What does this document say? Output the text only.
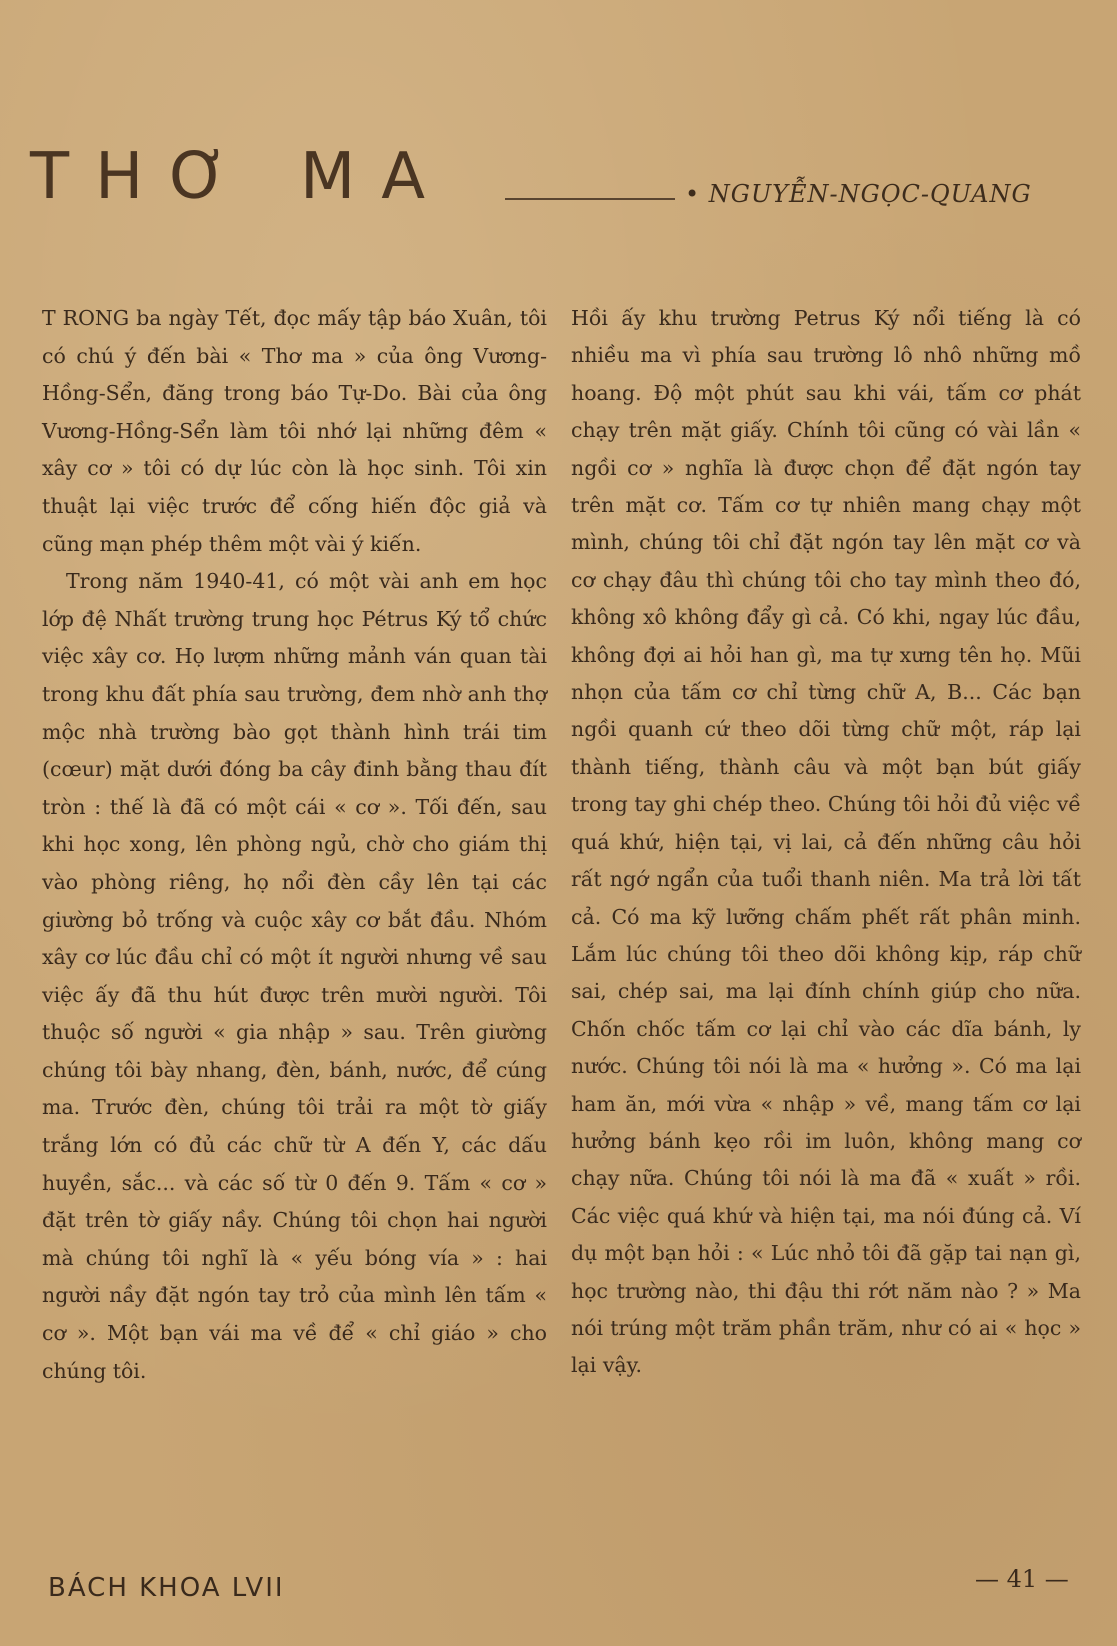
THƠ MA	• NGUYỄN-NGỌC-QUANG

T RONG ba ngày Tết, đọc mấy tập báo Xuân, tôi có chú ý đến bài « Thơ ma » của ông Vương-Hồng-Sển, đăng trong báo Tự-Do. Bài của ông Vương-Hồng-Sển làm tôi nhớ lại những đêm « xây cơ » tôi có dự lúc còn là học sinh. Tôi xin thuật lại việc trước để cống hiến độc giả và cũng mạn phép thêm một vài ý kiến.

Trong năm 1940-41, có một vài anh em học lớp đệ Nhất trường trung học Pétrus Ký tổ chức việc xây cơ. Họ lượm những mảnh ván quan tài trong khu đất phía sau trường, đem nhờ anh thợ mộc nhà trường bào gọt thành hình trái tim (cœur) mặt dưới đóng ba cây đinh bằng thau đít tròn : thế là đã có một cái « cơ ». Tối đến, sau khi học xong, lên phòng ngủ, chờ cho giám thị vào phòng riêng, họ nổi đèn cầy lên tại các giường bỏ trống và cuộc xây cơ bắt đầu. Nhóm xây cơ lúc đầu chỉ có một ít người nhưng về sau việc ấy đã thu hút được trên mười người. Tôi thuộc số người « gia nhập » sau. Trên giường chúng tôi bày nhang, đèn, bánh, nước, để cúng ma. Trước đèn, chúng tôi trải ra một tờ giấy trắng lớn có đủ các chữ từ A đến Y, các dấu huyền, sắc... và các số từ 0 đến 9. Tấm « cơ » đặt trên tờ giấy nầy. Chúng tôi chọn hai người mà chúng tôi nghĩ là « yếu bóng vía » : hai người nầy đặt ngón tay trỏ của mình lên tấm « cơ ». Một bạn vái ma về để « chỉ giáo » cho chúng tôi.

Hồi ấy khu trường Petrus Ký nổi tiếng là có nhiều ma vì phía sau trường lô nhô những mồ hoang. Độ một phút sau khi vái, tấm cơ phát chạy trên mặt giấy. Chính tôi cũng có vài lần « ngồi cơ » nghĩa là được chọn để đặt ngón tay trên mặt cơ. Tấm cơ tự nhiên mang chạy một mình, chúng tôi chỉ đặt ngón tay lên mặt cơ và cơ chạy đâu thì chúng tôi cho tay mình theo đó, không xô không đẩy gì cả. Có khi, ngay lúc đầu, không đợi ai hỏi han gì, ma tự xưng tên họ. Mũi nhọn của tấm cơ chỉ từng chữ A, B... Các bạn ngồi quanh cứ theo dõi từng chữ một, ráp lại thành tiếng, thành câu và một bạn bút giấy trong tay ghi chép theo. Chúng tôi hỏi đủ việc về quá khứ, hiện tại, vị lai, cả đến những câu hỏi rất ngớ ngẩn của tuổi thanh niên. Ma trả lời tất cả. Có ma kỹ lưỡng chấm phết rất phân minh. Lắm lúc chúng tôi theo dõi không kịp, ráp chữ sai, chép sai, ma lại đính chính giúp cho nữa. Chốn chốc tấm cơ lại chỉ vào các dĩa bánh, ly nước. Chúng tôi nói là ma « hưởng ». Có ma lại ham ăn, mới vừa « nhập » về, mang tấm cơ lại hưởng bánh kẹo rồi im luôn, không mang cơ chạy nữa. Chúng tôi nói là ma đã « xuất » rồi. Các việc quá khứ và hiện tại, ma nói đúng cả. Ví dụ một bạn hỏi : « Lúc nhỏ tôi đã gặp tai nạn gì, học trường nào, thi đậu thi rớt năm nào ? » Ma nói trúng một trăm phần trăm, như có ai « học » lại vậy.

BÁCH KHOA LVII	— 41 —
